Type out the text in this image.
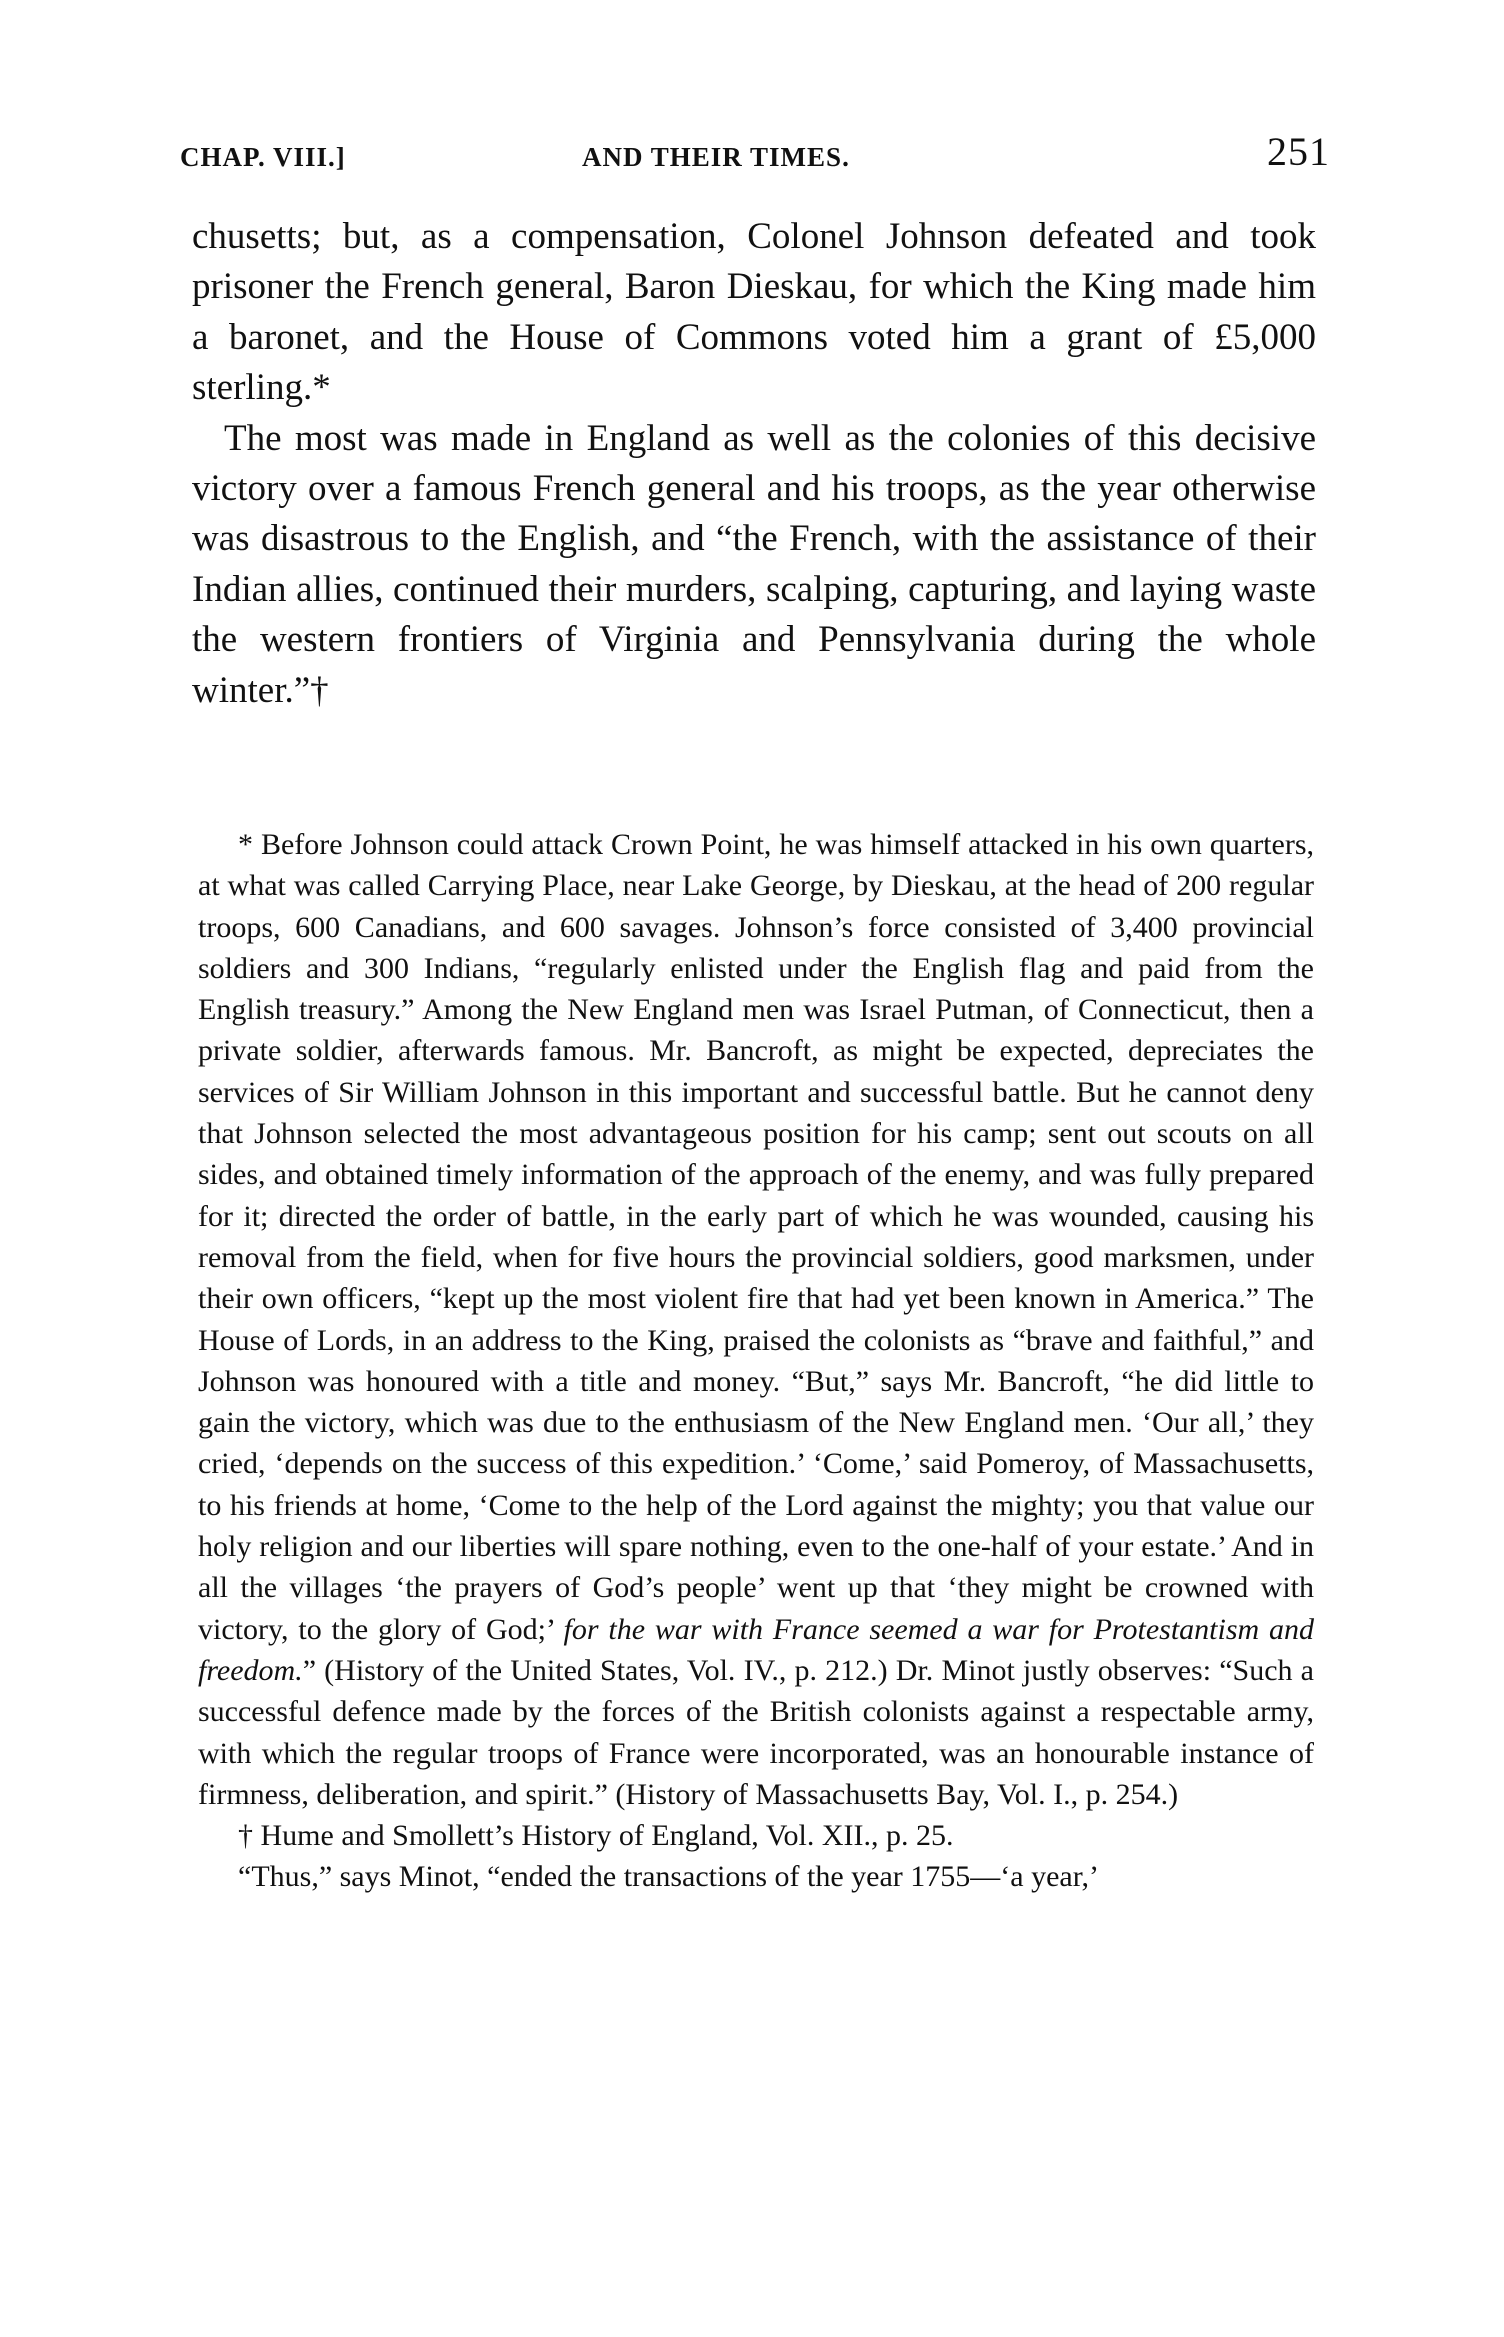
CHAP. VIII.]	AND THEIR TIMES.	251

chusetts; but, as a compensation, Colonel Johnson defeated and took prisoner the French general, Baron Dieskau, for which the King made him a baronet, and the House of Commons voted him a grant of £5,000 sterling.*

The most was made in England as well as the colonies of this decisive victory over a famous French general and his troops, as the year otherwise was disastrous to the English, and “the French, with the assistance of their Indian allies, continued their murders, scalping, capturing, and laying waste the western frontiers of Virginia and Pennsylvania during the whole winter.”†

* Before Johnson could attack Crown Point, he was himself attacked in his own quarters, at what was called Carrying Place, near Lake George, by Dieskau, at the head of 200 regular troops, 600 Canadians, and 600 savages. Johnson’s force consisted of 3,400 provincial soldiers and 300 Indians, “regularly enlisted under the English flag and paid from the English treasury.” Among the New England men was Israel Putman, of Connecticut, then a private soldier, afterwards famous. Mr. Bancroft, as might be expected, depreciates the services of Sir William Johnson in this important and successful battle. But he cannot deny that Johnson selected the most advantageous position for his camp; sent out scouts on all sides, and obtained timely information of the approach of the enemy, and was fully prepared for it; directed the order of battle, in the early part of which he was wounded, causing his removal from the field, when for five hours the provincial soldiers, good marksmen, under their own officers, “kept up the most violent fire that had yet been known in America.” The House of Lords, in an address to the King, praised the colonists as “brave and faithful,” and Johnson was honoured with a title and money. “But,” says Mr. Bancroft, “he did little to gain the victory, which was due to the enthusiasm of the New England men. ‘Our all,’ they cried, ‘depends on the success of this expedition.’ ‘Come,’ said Pomeroy, of Massachusetts, to his friends at home, ‘Come to the help of the Lord against the mighty; you that value our holy religion and our liberties will spare nothing, even to the one-half of your estate.’ And in all the villages ‘the prayers of God’s people’ went up that ‘they might be crowned with victory, to the glory of God;’ for the war with France seemed a war for Protestantism and freedom.” (History of the United States, Vol. IV., p. 212.) Dr. Minot justly observes: “Such a successful defence made by the forces of the British colonists against a respectable army, with which the regular troops of France were incorporated, was an honourable instance of firmness, deliberation, and spirit.” (History of Massachusetts Bay, Vol. I., p. 254.)

† Hume and Smollett’s History of England, Vol. XII., p. 25.

“Thus,” says Minot, “ended the transactions of the year 1755—‘a year,’
